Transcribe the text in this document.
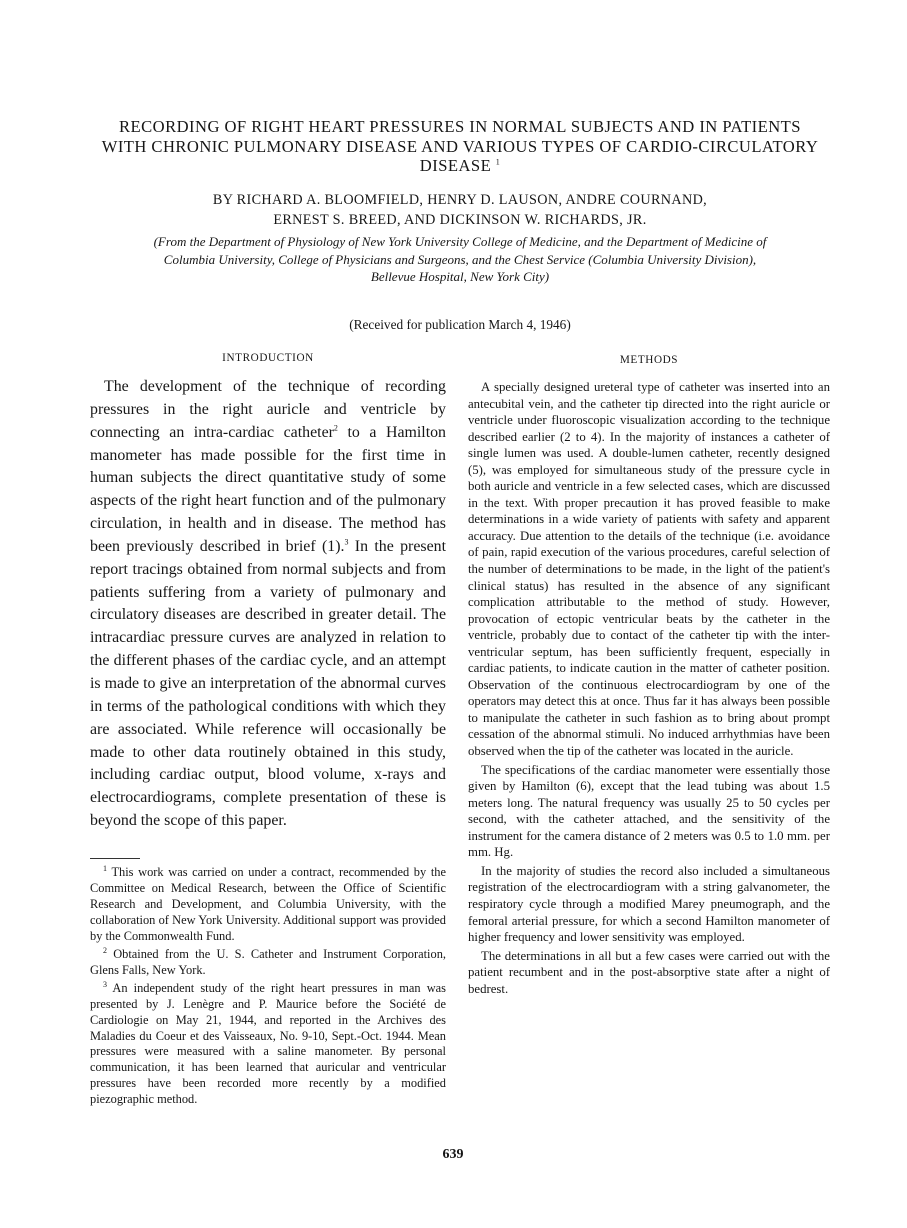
RECORDING OF RIGHT HEART PRESSURES IN NORMAL SUBJECTS AND IN PATIENTS WITH CHRONIC PULMONARY DISEASE AND VARIOUS TYPES OF CARDIO-CIRCULATORY DISEASE $^1$
BY RICHARD A. BLOOMFIELD, HENRY D. LAUSON, ANDRE COURNAND,
ERNEST S. BREED, AND DICKINSON W. RICHARDS, JR.

(From the Department of Physiology of New York University College of Medicine, and the Department of Medicine of Columbia University, College of Physicians and Surgeons, and the Chest Service (Columbia University Division), Bellevue Hospital, New York City)

(Received for publication March 4, 1946)

INTRODUCTION	METHODS

The development of the technique of recording pressures in the right auricle and ventricle by connecting an intra-cardiac catheter$^2$ to a Hamilton manometer has made possible for the first time in human subjects the direct quantitative study of some aspects of the right heart function and of the pulmonary circulation, in health and in disease. The method has been previously described in brief (1).$^3$ In the present report tracings obtained from normal subjects and from patients suffering from a variety of pulmonary and circulatory diseases are described in greater detail. The intracardiac pressure curves are analyzed in relation to the different phases of the cardiac cycle, and an attempt is made to give an interpretation of the abnormal curves in terms of the pathological conditions with which they are associated. While reference will occasionally be made to other data routinely obtained in this study, including cardiac output, blood volume, x-rays and electrocardiograms, complete presentation of these is beyond the scope of this paper.

$^1$ This work was carried on under a contract, recommended by the Committee on Medical Research, between the Office of Scientific Research and Development, and Columbia University, with the collaboration of New York University. Additional support was provided by the Commonwealth Fund.

$^2$ Obtained from the U. S. Catheter and Instrument Corporation, Glens Falls, New York.

$^3$ An independent study of the right heart pressures in man was presented by J. Lenègre and P. Maurice before the Société de Cardiologie on May 21, 1944, and reported in the Archives des Maladies du Coeur et des Vaisseaux, No. 9-10, Sept.-Oct. 1944. Mean pressures were measured with a saline manometer. By personal communication, it has been learned that auricular and ventricular pressures have been recorded more recently by a modified piezographic method.

A specially designed ureteral type of catheter was inserted into an antecubital vein, and the catheter tip directed into the right auricle or ventricle under fluoroscopic visualization according to the technique described earlier (2 to 4). In the majority of instances a catheter of single lumen was used. A double-lumen catheter, recently designed (5), was employed for simultaneous study of the pressure cycle in both auricle and ventricle in a few selected cases, which are discussed in the text. With proper precaution it has proved feasible to make determinations in a wide variety of patients with safety and apparent accuracy. Due attention to the details of the technique (i.e. avoidance of pain, rapid execution of the various procedures, careful selection of the number of determinations to be made, in the light of the patient's clinical status) has resulted in the absence of any significant complication attributable to the method of study. However, provocation of ectopic ventricular beats by the catheter in the ventricle, probably due to contact of the catheter tip with the inter-ventricular septum, has been sufficiently frequent, especially in cardiac patients, to indicate caution in the matter of catheter position. Observation of the continuous electrocardiogram by one of the operators may detect this at once. Thus far it has always been possible to manipulate the catheter in such fashion as to bring about prompt cessation of the abnormal stimuli. No induced arrhythmias have been observed when the tip of the catheter was located in the auricle.

The specifications of the cardiac manometer were essentially those given by Hamilton (6), except that the lead tubing was about 1.5 meters long. The natural frequency was usually 25 to 50 cycles per second, with the catheter attached, and the sensitivity of the instrument for the camera distance of 2 meters was 0.5 to 1.0 mm. per mm. Hg.

In the majority of studies the record also included a simultaneous registration of the electrocardiogram with a string galvanometer, the respiratory cycle through a modified Marey pneumograph, and the femoral arterial pressure, for which a second Hamilton manometer of higher frequency and lower sensitivity was employed.

The determinations in all but a few cases were carried out with the patient recumbent and in the post-absorptive state after a night of bedrest.

639
